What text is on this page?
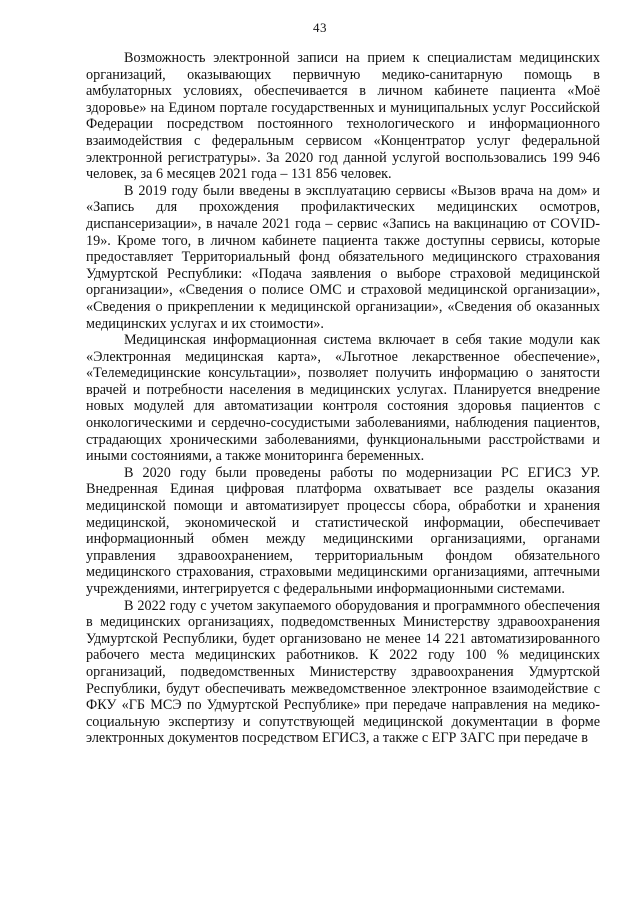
43

Возможность электронной записи на прием к специалистам медицинских организаций, оказывающих первичную медико-санитарную помощь в амбулаторных условиях, обеспечивается в личном кабинете пациента «Моё здоровье» на Едином портале государственных и муниципальных услуг Российской Федерации посредством постоянного технологического и информационного взаимодействия с федеральным сервисом «Концентратор услуг федеральной электронной регистратуры». За 2020 год данной услугой воспользовались 199 946 человек, за 6 месяцев 2021 года – 131 856 человек.

В 2019 году были введены в эксплуатацию сервисы «Вызов врача на дом» и «Запись для прохождения профилактических медицинских осмотров, диспансеризации», в начале 2021 года – сервис «Запись на вакцинацию от COVID-19». Кроме того, в личном кабинете пациента также доступны сервисы, которые предоставляет Территориальный фонд обязательного медицинского страхования Удмуртской Республики: «Подача заявления о выборе страховой медицинской организации», «Сведения о полисе ОМС и страховой медицинской организации», «Сведения о прикреплении к медицинской организации», «Сведения об оказанных медицинских услугах и их стоимости».

Медицинская информационная система включает в себя такие модули как «Электронная медицинская карта», «Льготное лекарственное обеспечение», «Телемедицинские консультации», позволяет получить информацию о занятости врачей и потребности населения в медицинских услугах. Планируется внедрение новых модулей для автоматизации контроля состояния здоровья пациентов с онкологическими и сердечно-сосудистыми заболеваниями, наблюдения пациентов, страдающих хроническими заболеваниями, функциональными расстройствами и иными состояниями, а также мониторинга беременных.

В 2020 году были проведены работы по модернизации РС ЕГИСЗ УР. Внедренная Единая цифровая платформа охватывает все разделы оказания медицинской помощи и автоматизирует процессы сбора, обработки и хранения медицинской, экономической и статистической информации, обеспечивает информационный обмен между медицинскими организациями, органами управления здравоохранением, территориальным фондом обязательного медицинского страхования, страховыми медицинскими организациями, аптечными учреждениями, интегрируется с федеральными информационными системами.

В 2022 году с учетом закупаемого оборудования и программного обеспечения в медицинских организациях, подведомственных Министерству здравоохранения Удмуртской Республики, будет организовано не менее 14 221 автоматизированного рабочего места медицинских работников. К 2022 году 100 % медицинских организаций, подведомственных Министерству здравоохранения Удмуртской Республики, будут обеспечивать межведомственное электронное взаимодействие с ФКУ «ГБ МСЭ по Удмуртской Республике» при передаче направления на медико-социальную экспертизу и сопутствующей медицинской документации в форме электронных документов посредством ЕГИСЗ, а также с ЕГР ЗАГС при передаче в
